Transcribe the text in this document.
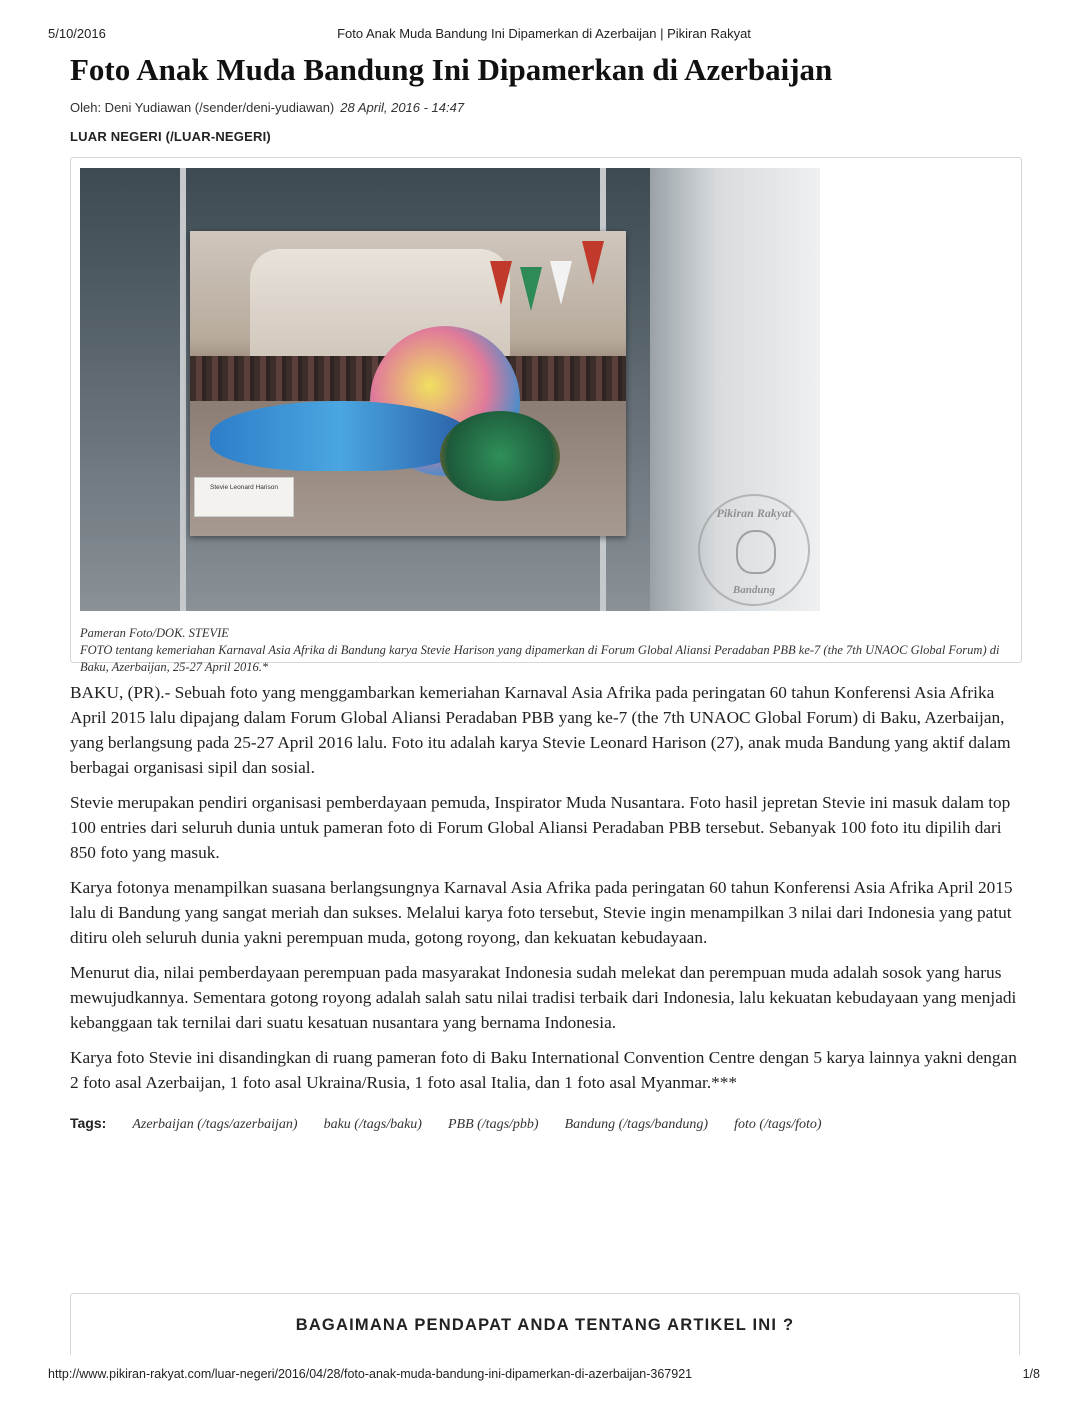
5/10/2016	Foto Anak Muda Bandung Ini Dipamerkan di Azerbaijan | Pikiran Rakyat
Foto Anak Muda Bandung Ini Dipamerkan di Azerbaijan
Oleh: Deni Yudiawan (/sender/deni-yudiawan) 28 April, 2016 - 14:47
LUAR NEGERI (/LUAR-NEGERI)
Stevie Leonard Harison
Pikiran Rakyat
Bandung
Pameran Foto/DOK. STEVIE
FOTO tentang kemeriahan Karnaval Asia Afrika di Bandung karya Stevie Harison yang dipamerkan di Forum Global Aliansi Peradaban PBB ke-7 (the 7th UNAOC Global Forum) di Baku, Azerbaijan, 25-27 April 2016.*

BAKU, (PR).- Sebuah foto yang menggambarkan kemeriahan Karnaval Asia Afrika pada peringatan 60 tahun Konferensi Asia Afrika April 2015 lalu dipajang dalam Forum Global Aliansi Peradaban PBB yang ke-7 (the 7th UNAOC Global Forum) di Baku, Azerbaijan, yang berlangsung pada 25-27 April 2016 lalu. Foto itu adalah karya Stevie Leonard Harison (27), anak muda Bandung yang aktif dalam berbagai organisasi sipil dan sosial.

Stevie merupakan pendiri organisasi pemberdayaan pemuda, Inspirator Muda Nusantara. Foto hasil jepretan Stevie ini masuk dalam top 100 entries dari seluruh dunia untuk pameran foto di Forum Global Aliansi Peradaban PBB tersebut. Sebanyak 100 foto itu dipilih dari 850 foto yang masuk.

Karya fotonya menampilkan suasana berlangsungnya Karnaval Asia Afrika pada peringatan 60 tahun Konferensi Asia Afrika April 2015 lalu di Bandung yang sangat meriah dan sukses. Melalui karya foto tersebut, Stevie ingin menampilkan 3 nilai dari Indonesia yang patut ditiru oleh seluruh dunia yakni perempuan muda, gotong royong, dan kekuatan kebudayaan.

Menurut dia, nilai pemberdayaan perempuan pada masyarakat Indonesia sudah melekat dan perempuan muda adalah sosok yang harus mewujudkannya. Sementara gotong royong adalah salah satu nilai tradisi terbaik dari Indonesia, lalu kekuatan kebudayaan yang menjadi kebanggaan tak ternilai dari suatu kesatuan nusantara yang bernama Indonesia.

Karya foto Stevie ini disandingkan di ruang pameran foto di Baku International Convention Centre dengan 5 karya lainnya yakni dengan 2 foto asal Azerbaijan, 1 foto asal Ukraina/Rusia, 1 foto asal Italia, dan 1 foto asal Myanmar.***

Tags: Azerbaijan (/tags/azerbaijan) baku (/tags/baku) PBB (/tags/pbb) Bandung (/tags/bandung) foto (/tags/foto)
BAGAIMANA PENDAPAT ANDA TENTANG ARTIKEL INI ?
http://www.pikiran-rakyat.com/luar-negeri/2016/04/28/foto-anak-muda-bandung-ini-dipamerkan-di-azerbaijan-367921	1/8
